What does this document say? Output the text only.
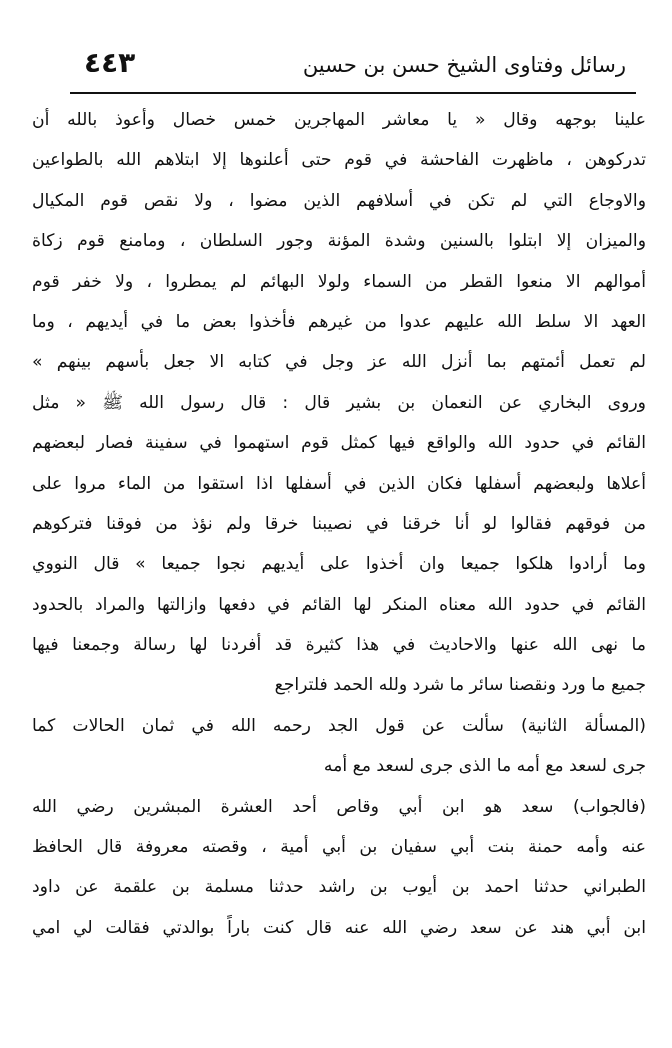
رسائل وفتاوى الشيخ حسن بن حسين
٤٤٣
علينا بوجهه وقال « يا معاشر المهاجرين خمس خصال وأعوذ بالله أن
تدركوهن ، ماظهرت الفاحشة في قوم حتى أعلنوها إلا ابتلاهم الله بالطواعين
والاوجاع التي لم تكن في أسلافهم الذين مضوا ، ولا نقص قوم المكيال
والميزان إلا ابتلوا بالسنين وشدة المؤنة وجور السلطان ، ومامنع قوم زكاة
أموالهم الا منعوا القطر من السماء ولولا البهائم لم يمطروا ، ولا خفر قوم
العهد الا سلط الله عليهم عدوا من غيرهم فأخذوا بعض ما في أيديهم ، وما
لم تعمل أئمتهم بما أنزل الله عز وجل في كتابه الا جعل بأسهم بينهم »
وروى البخاري عن النعمان بن بشير قال : قال رسول الله ﷺ « مثل
القائم في حدود الله والواقع فيها كمثل قوم استهموا في سفينة فصار لبعضهم
أعلاها ولبعضهم أسفلها فكان الذين في أسفلها اذا استقوا من الماء مروا على
من فوقهم فقالوا لو أنا خرقنا في نصيبنا خرقا ولم نؤذ من فوقنا فتركوهم
وما أرادوا هلكوا جميعا وان أخذوا على أيديهم نجوا جميعا » قال النووي
القائم في حدود الله معناه المنكر لها القائم في دفعها وازالتها والمراد بالحدود
ما نهى الله عنها والاحاديث في هذا كثيرة قد أفردنا لها رسالة وجمعنا فيها
جميع ما ورد ونقصنا سائر ما شرد ولله الحمد فلتراجع
(المسألة الثانية) سألت عن قول الجد رحمه الله في ثمان الحالات كما
جرى لسعد مع أمه ما الذى جرى لسعد مع أمه
(فالجواب) سعد هو ابن أبي وقاص أحد العشرة المبشرين رضي الله
عنه وأمه حمنة بنت أبي سفيان بن أبي أمية ، وقصته معروفة قال الحافظ
الطبراني حدثنا احمد بن أيوب بن راشد حدثنا مسلمة بن علقمة عن داود
ابن أبي هند عن سعد رضي الله عنه قال كنت باراً بوالدتي فقالت لي امي
